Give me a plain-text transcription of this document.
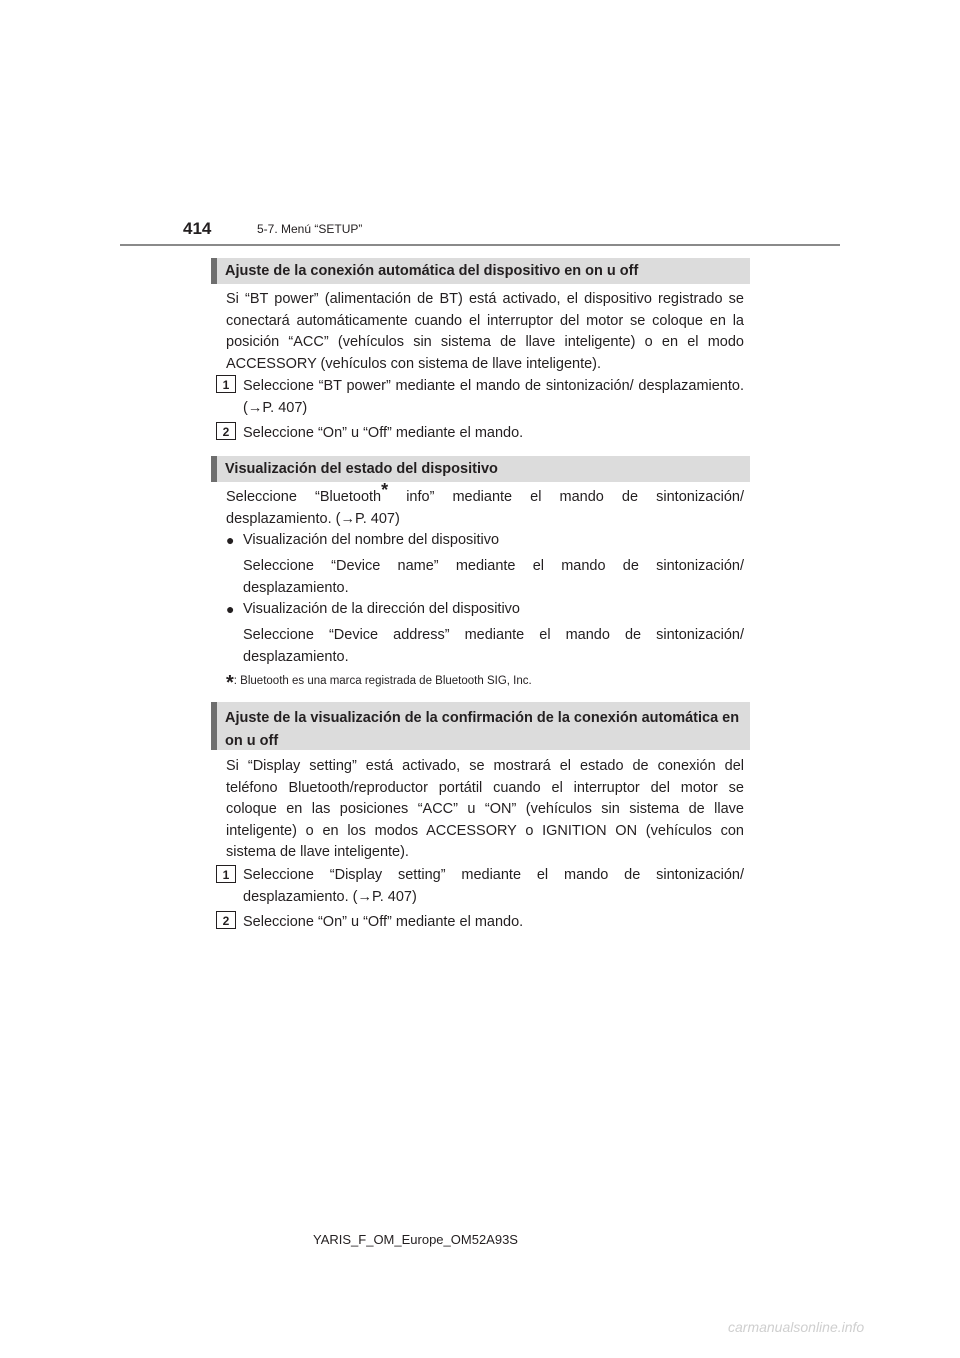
414	5-7. Menú “SETUP”
Ajuste de la conexión automática del dispositivo en on u off
Si “BT power” (alimentación de BT) está activado, el dispositivo registrado se conectará automáticamente cuando el interruptor del motor se coloque en la posición “ACC” (vehículos sin sistema de llave inteligente) o en el modo ACCESSORY (vehículos con sistema de llave inteligente).
1 Seleccione “BT power” mediante el mando de sintonización/ desplazamiento. (→P. 407)
2 Seleccione “On” u “Off” mediante el mando.
Visualización del estado del dispositivo
Seleccione “Bluetooth* info” mediante el mando de sintonización/ desplazamiento. (→P. 407)
● Visualización del nombre del dispositivo
Seleccione “Device name” mediante el mando de sintonización/ desplazamiento.
● Visualización de la dirección del dispositivo
Seleccione “Device address” mediante el mando de sintonización/ desplazamiento.
*: Bluetooth es una marca registrada de Bluetooth SIG, Inc.
Ajuste de la visualización de la confirmación de la conexión automática en on u off
Si “Display setting” está activado, se mostrará el estado de conexión del teléfono Bluetooth/reproductor portátil cuando el interruptor del motor se coloque en las posiciones “ACC” u “ON” (vehículos sin sistema de llave inteligente) o en los modos ACCESSORY o IGNITION ON (vehículos con sistema de llave inteligente).
1 Seleccione “Display setting” mediante el mando de sintonización/ desplazamiento. (→P. 407)
2 Seleccione “On” u “Off” mediante el mando.
YARIS_F_OM_Europe_OM52A93S
carmanualsonline.info
